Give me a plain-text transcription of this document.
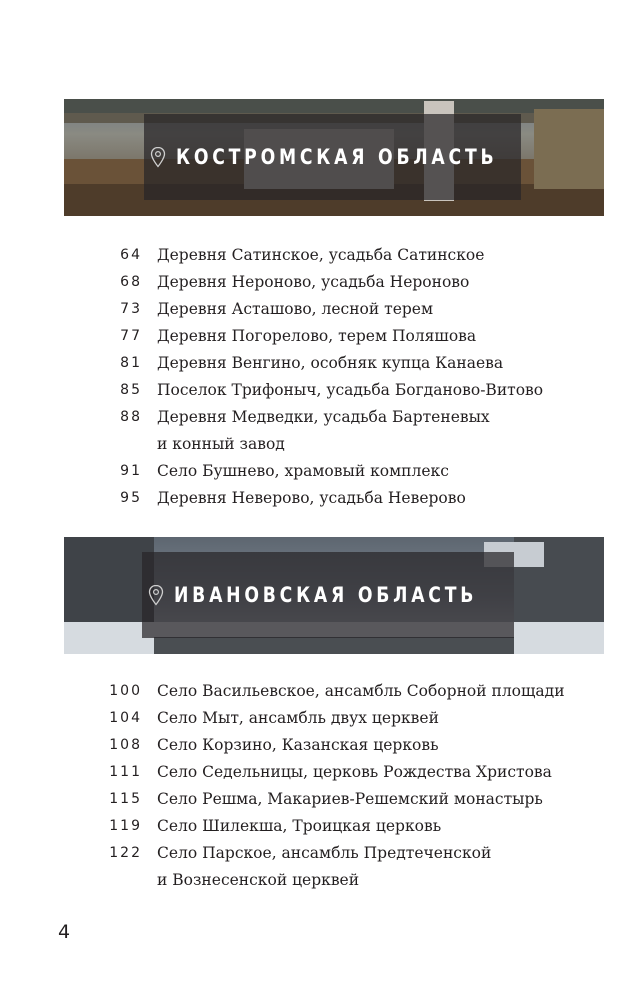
КОСТРОМСКАЯ ОБЛАСТЬ
64 Деревня Сатинское, усадьба Сатинское
68 Деревня Нероново, усадьба Нероново
73 Деревня Асташово, лесной терем
77 Деревня Погорелово, терем Поляшова
81 Деревня Венгино, особняк купца Канаева
85 Поселок Трифоныч, усадьба Богданово-Витово
88 Деревня Медведки, усадьба Бартеневых
и конный завод
91 Село Бушнево, храмовый комплекс
95 Деревня Неверово, усадьба Неверово
ИВАНОВСКАЯ ОБЛАСТЬ
100 Село Васильевское, ансамбль Соборной площади
104 Село Мыт, ансамбль двух церквей
108 Село Корзино, Казанская церковь
111 Село Седельницы, церковь Рождества Христова
115 Село Решма, Макариев-Решемский монастырь
119 Село Шилекша, Троицкая церковь
122 Село Парское, ансамбль Предтеченской
и Вознесенской церквей
4
